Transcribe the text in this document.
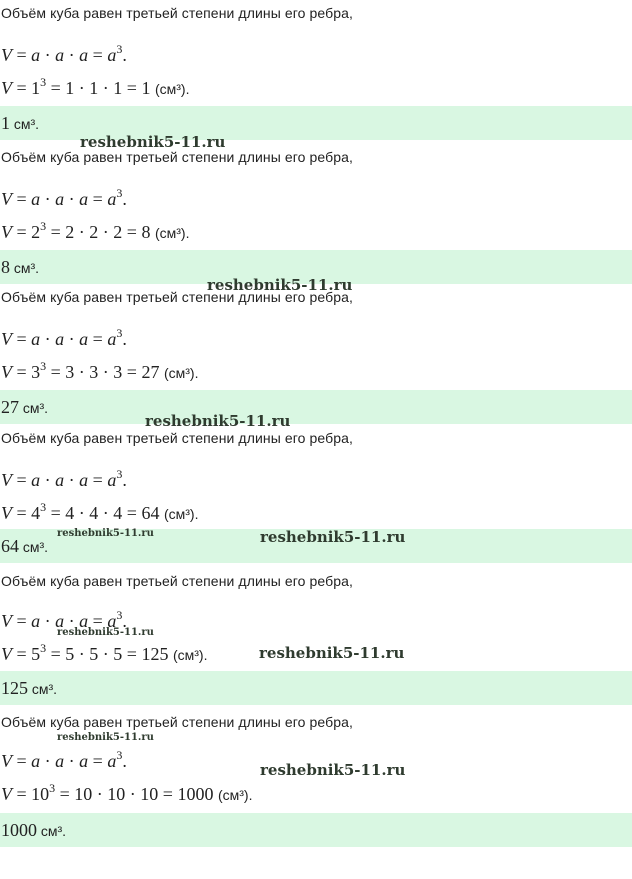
Объём куба равен третьей степени длины его ребра,
$V = a \cdot a \cdot a = a^3$.
$V = 1^3 = 1 \cdot 1 \cdot 1 = 1$ (см³).
1 см³.
Объём куба равен третьей степени длины его ребра,
$V = a \cdot a \cdot a = a^3$.
$V = 2^3 = 2 \cdot 2 \cdot 2 = 8$ (см³).
8 см³.
Объём куба равен третьей степени длины его ребра,
$V = a \cdot a \cdot a = a^3$.
$V = 3^3 = 3 \cdot 3 \cdot 3 = 27$ (см³).
27 см³.
Объём куба равен третьей степени длины его ребра,
$V = a \cdot a \cdot a = a^3$.
$V = 4^3 = 4 \cdot 4 \cdot 4 = 64$ (см³).
64 см³.
Объём куба равен третьей степени длины его ребра,
$V = a \cdot a \cdot a = a^3$.
$V = 5^3 = 5 \cdot 5 \cdot 5 = 125$ (см³).
125 см³.
Объём куба равен третьей степени длины его ребра,
$V = a \cdot a \cdot a = a^3$.
$V = 10^3 = 10 \cdot 10 \cdot 10 = 1000$ (см³).
1000 см³.
reshebnik5-11.ru
reshebnik5-11.ru
reshebnik5-11.ru
reshebnik5-11.ru	reshebnik5-11.ru
reshebnik5-11.ru
reshebnik5-11.ru
reshebnik5-11.ru
reshebnik5-11.ru
